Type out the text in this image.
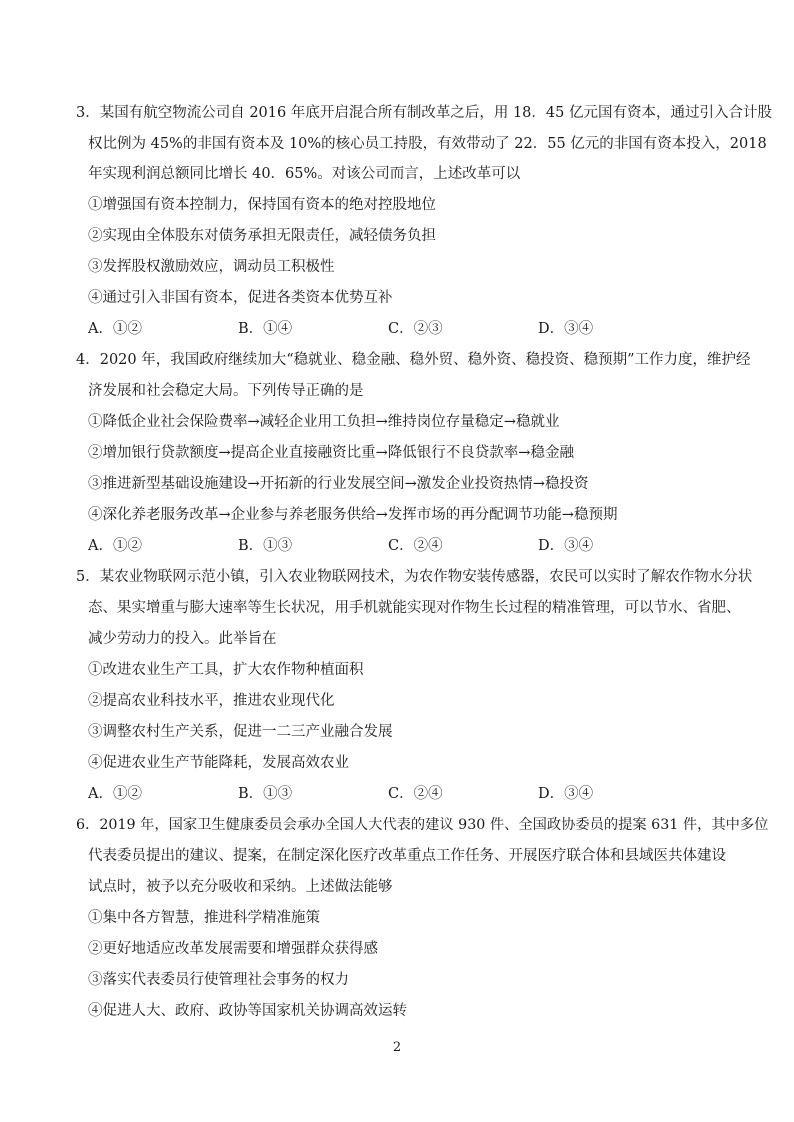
3．某国有航空物流公司自 2016 年底开启混合所有制改革之后，用 18．45 亿元国有资本，通过引入合计股
权比例为 45%的非国有资本及 10%的核心员工持股，有效带动了 22．55 亿元的非国有资本投入，2018
年实现利润总额同比增长 40．65%。对该公司而言，上述改革可以
①增强国有资本控制力，保持国有资本的绝对控股地位
②实现由全体股东对债务承担无限责任，减轻债务负担
③发挥股权激励效应，调动员工积极性
④通过引入非国有资本，促进各类资本优势互补
A．①②	B．①④	C．②③	D．③④
4．2020 年，我国政府继续加大“稳就业、稳金融、稳外贸、稳外资、稳投资、稳预期”工作力度，维护经
济发展和社会稳定大局。下列传导正确的是
①降低企业社会保险费率→减轻企业用工负担→维持岗位存量稳定→稳就业
②增加银行贷款额度→提高企业直接融资比重→降低银行不良贷款率→稳金融
③推进新型基础设施建设→开拓新的行业发展空间→激发企业投资热情→稳投资
④深化养老服务改革→企业参与养老服务供给→发挥市场的再分配调节功能→稳预期
A．①②	B．①③	C．②④	D．③④
5．某农业物联网示范小镇，引入农业物联网技术，为农作物安装传感器，农民可以实时了解农作物水分状
态、果实增重与膨大速率等生长状况，用手机就能实现对作物生长过程的精准管理，可以节水、省肥、
减少劳动力的投入。此举旨在
①改进农业生产工具，扩大农作物种植面积
②提高农业科技水平，推进农业现代化
③调整农村生产关系，促进一二三产业融合发展
④促进农业生产节能降耗，发展高效农业
A．①②	B．①③	C．②④	D．③④
6．2019 年，国家卫生健康委员会承办全国人大代表的建议 930 件、全国政协委员的提案 631 件，其中多位
代表委员提出的建议、提案，在制定深化医疗改革重点工作任务、开展医疗联合体和县域医共体建设
试点时，被予以充分吸收和采纳。上述做法能够
①集中各方智慧，推进科学精准施策
②更好地适应改革发展需要和增强群众获得感
③落实代表委员行使管理社会事务的权力
④促进人大、政府、政协等国家机关协调高效运转
2
